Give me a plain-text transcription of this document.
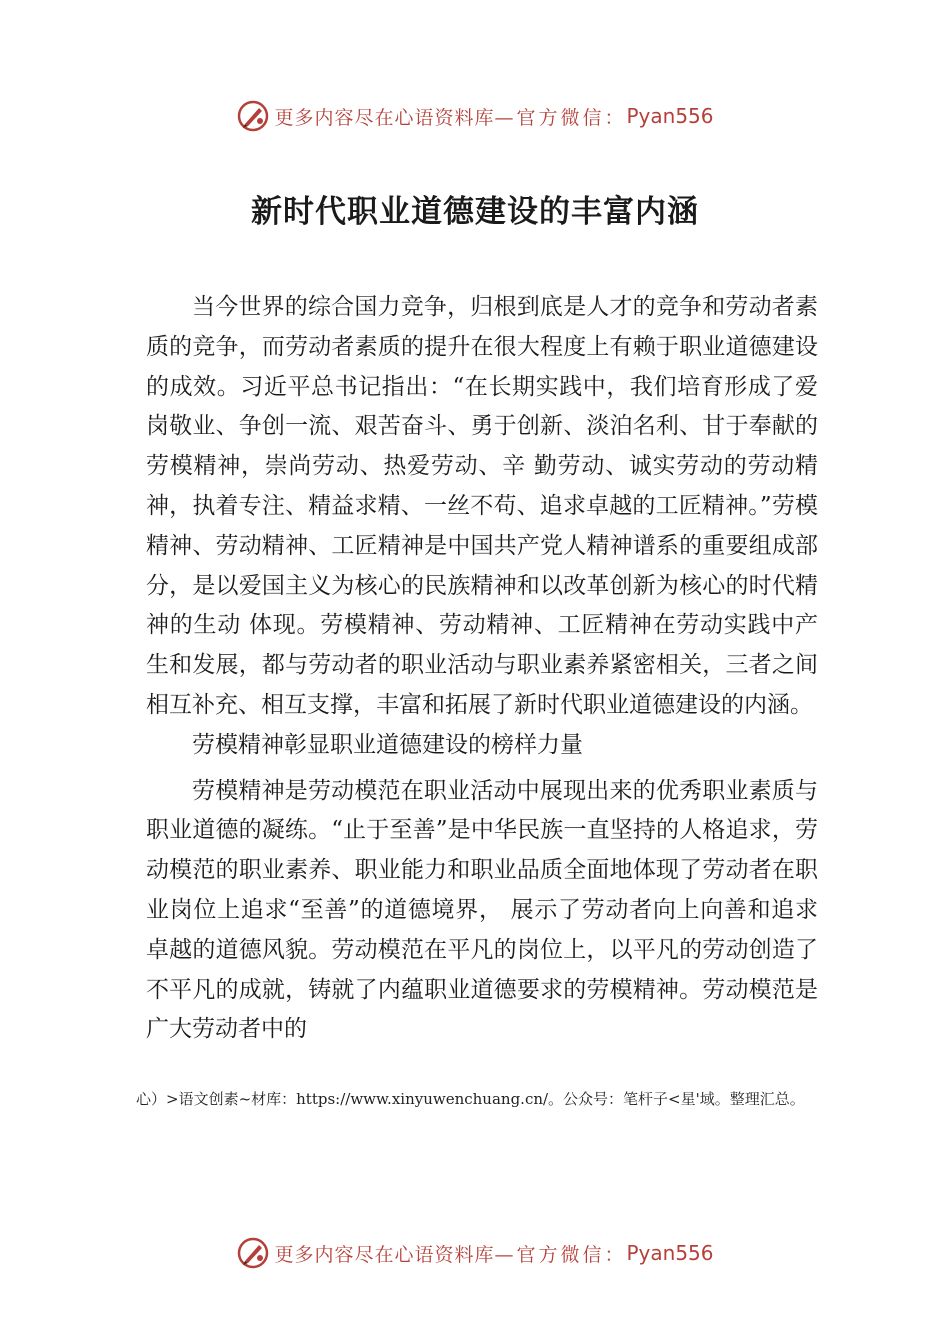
更多内容尽在心语资料库— 官方微信： Pyan556
新时代职业道德建设的丰富内涵

当今世界的综合国力竞争，归根到底是人才的竞争和劳动者素质的竞争，而劳动者素质的提升在很大程度上有赖于职业道德建设的成效。习近平总书记指出：“在长期实践中，我们培育形成了爱岗敬业、争创一流、艰苦奋斗、勇于创新、淡泊名利、甘于奉献的劳模精神，崇尚劳动、热爱劳动、辛 勤劳动、诚实劳动的劳动精神，执着专注、精益求精、一丝不苟、追求卓越的工匠精神。”劳模精神、劳动精神、工匠精神是中国共产党人精神谱系的重要组成部分，是以爱国主义为核心的民族精神和以改革创新为核心的时代精神的生动 体现。劳模精神、劳动精神、工匠精神在劳动实践中产生和发展，都与劳动者的职业活动与职业素养紧密相关，三者之间相互补充、相互支撑，丰富和拓展了新时代职业道德建设的内涵。

劳模精神彰显职业道德建设的榜样力量

劳模精神是劳动模范在职业活动中展现出来的优秀职业素质与职业道德的凝练。“止于至善”是中华民族一直坚持的人格追求，劳动模范的职业素养、职业能力和职业品质全面地体现了劳动者在职业岗位上追求“至善”的道德境界， 展示了劳动者向上向善和追求卓越的道德风貌。劳动模范在平凡的岗位上，以平凡的劳动创造了不平凡的成就，铸就了内蕴职业道德要求的劳模精神。劳动模范是广大劳动者中的

心）>语文创素~材库：https://www.xinyuwenchuang.cn/。公众号：笔杆子<星'域。整理汇总。
更多内容尽在心语资料库— 官方微信： Pyan556
